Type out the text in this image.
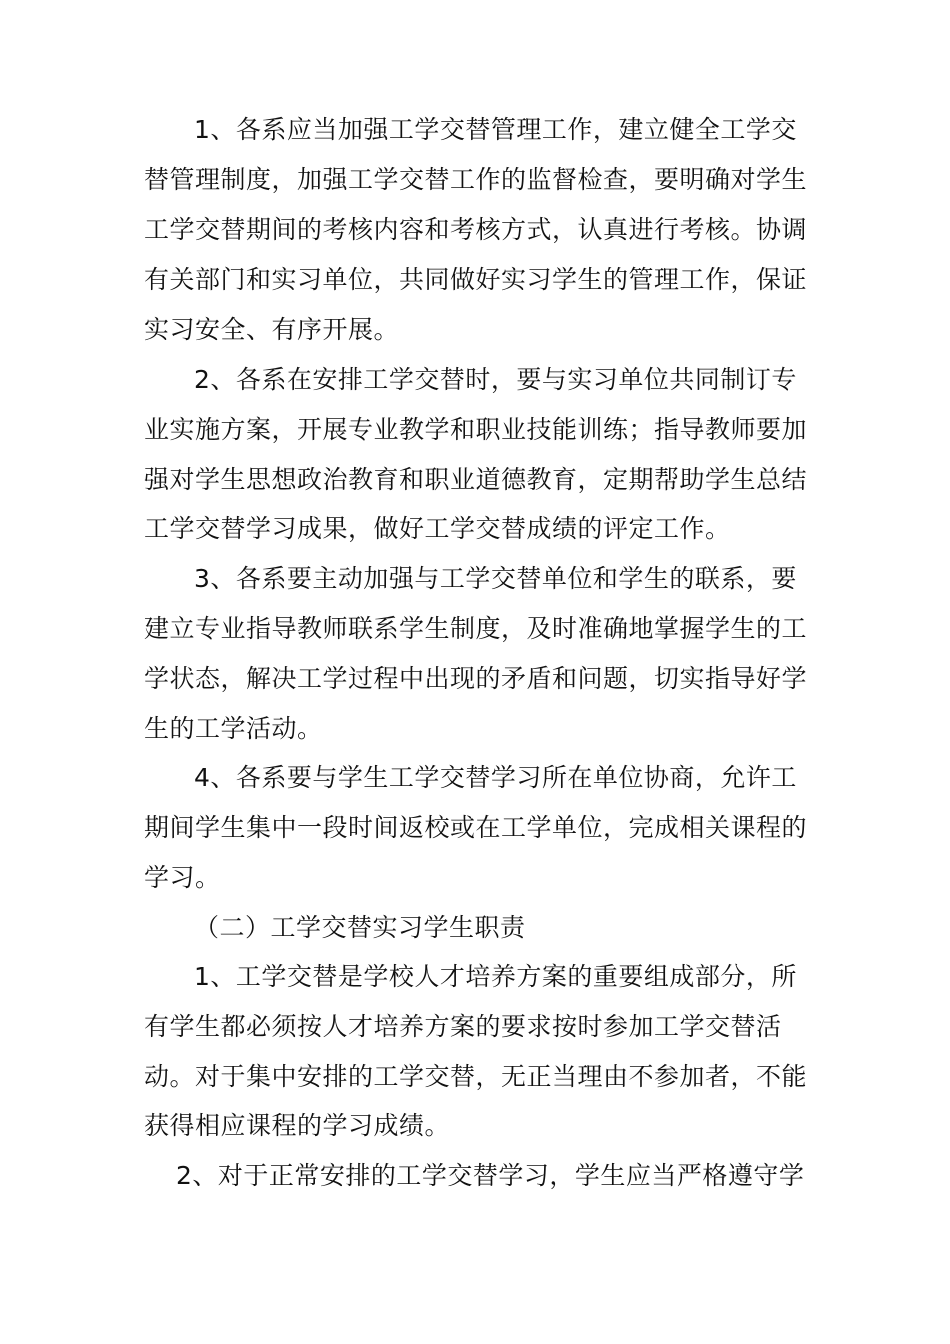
1、各系应当加强工学交替管理工作，建立健全工学交
替管理制度，加强工学交替工作的监督检查，要明确对学生
工学交替期间的考核内容和考核方式，认真进行考核。协调
有关部门和实习单位，共同做好实习学生的管理工作，保证
实习安全、有序开展。
2、各系在安排工学交替时，要与实习单位共同制订专
业实施方案，开展专业教学和职业技能训练；指导教师要加
强对学生思想政治教育和职业道德教育，定期帮助学生总结
工学交替学习成果，做好工学交替成绩的评定工作。
3、各系要主动加强与工学交替单位和学生的联系，要
建立专业指导教师联系学生制度，及时准确地掌握学生的工
学状态，解决工学过程中出现的矛盾和问题，切实指导好学
生的工学活动。
4、各系要与学生工学交替学习所在单位协商，允许工
期间学生集中一段时间返校或在工学单位，完成相关课程的
学习。
（二）工学交替实习学生职责
1、工学交替是学校人才培养方案的重要组成部分，所
有学生都必须按人才培养方案的要求按时参加工学交替活
动。对于集中安排的工学交替，无正当理由不参加者，不能
获得相应课程的学习成绩。
2、对于正常安排的工学交替学习，学生应当严格遵守学
